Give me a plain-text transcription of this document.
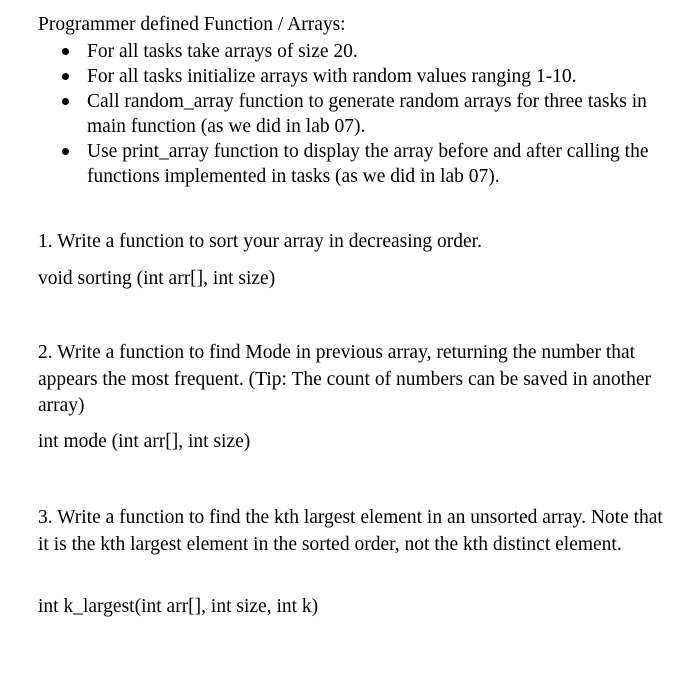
Programmer defined Function / Arrays:
For all tasks take arrays of size 20.
For all tasks initialize arrays with random values ranging 1-10.
Call random_array function to generate random arrays for three tasks in main function (as we did in lab 07).
Use print_array function to display the array before and after calling the functions implemented in tasks (as we did in lab 07).
1. Write a function to sort your array in decreasing order.
void sorting (int arr[], int size)
2. Write a function to find Mode in previous array, returning the number that appears the most frequent. (Tip: The count of numbers can be saved in another array)
int mode (int arr[], int size)
3. Write a function to find the kth largest element in an unsorted array. Note that it is the kth largest element in the sorted order, not the kth distinct element.
int k_largest(int arr[], int size, int k)
